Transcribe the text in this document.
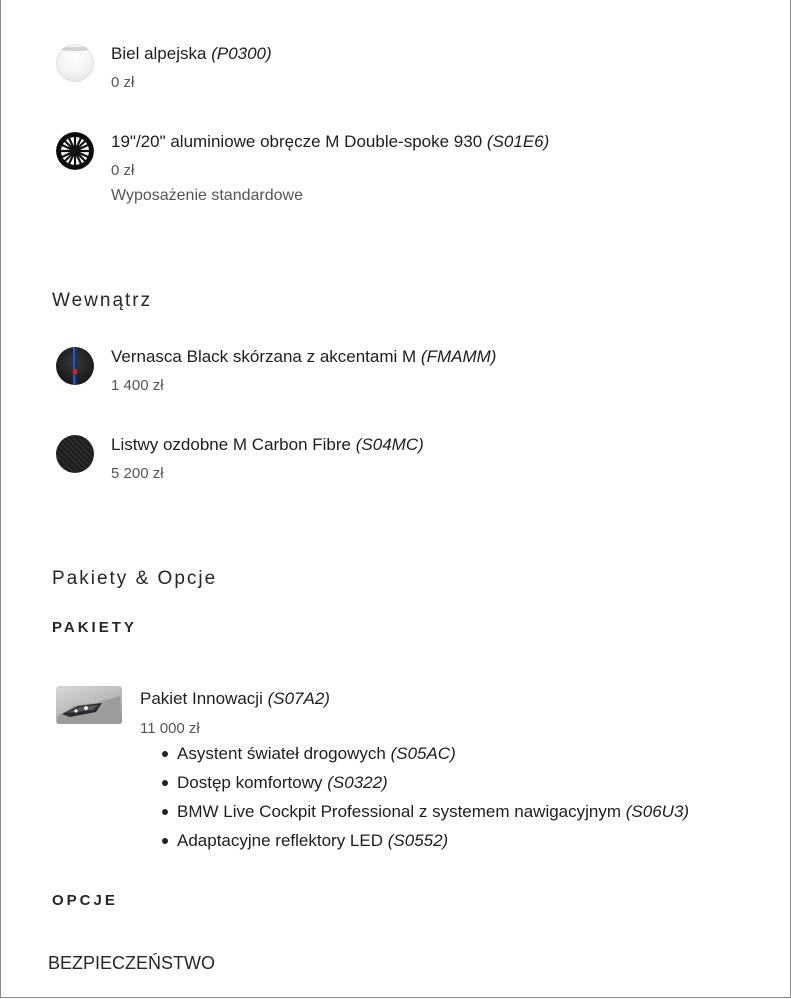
Biel alpejska (P0300)
0 zł
19"/20" aluminiowe obręcze M Double-spoke 930 (S01E6)
0 zł
Wyposażenie standardowe
Wewnątrz
Vernasca Black skórzana z akcentami M (FMAMM)
1 400 zł
Listwy ozdobne M Carbon Fibre (S04MC)
5 200 zł
Pakiety & Opcje
PAKIETY
Pakiet Innowacji (S07A2)
11 000 zł
Asystent świateł drogowych (S05AC)
Dostęp komfortowy (S0322)
BMW Live Cockpit Professional z systemem nawigacyjnym (S06U3)
Adaptacyjne reflektory LED (S0552)
OPCJE
BEZPIECZEŃSTWO
